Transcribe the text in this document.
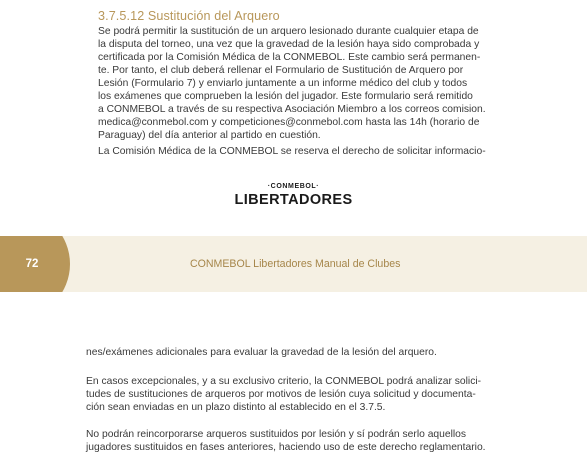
3.7.5.12 Sustitución del Arquero
Se podrá permitir la sustitución de un arquero lesionado durante cualquier etapa de
la disputa del torneo, una vez que la gravedad de la lesión haya sido comprobada y
certificada por la Comisión Médica de la CONMEBOL. Este cambio será permanen-
te. Por tanto, el club deberá rellenar el Formulario de Sustitución de Arquero por
Lesión (Formulario 7) y enviarlo juntamente a un informe médico del club y todos
los exámenes que comprueben la lesión del jugador. Este formulario será remitido
a CONMEBOL a través de su respectiva Asociación Miembro a los correos comision.
medica@conmebol.com y competiciones@conmebol.com hasta las 14h (horario de
Paraguay) del día anterior al partido en cuestión.
La Comisión Médica de la CONMEBOL se reserva el derecho de solicitar informacio-
·CONMEBOL·
LIBERTADORES
72	CONMEBOL Libertadores Manual de Clubes
nes/exámenes adicionales para evaluar la gravedad de la lesión del arquero.
En casos excepcionales, y a su exclusivo criterio, la CONMEBOL podrá analizar solici-
tudes de sustituciones de arqueros por motivos de lesión cuya solicitud y documenta-
ción sean enviadas en un plazo distinto al establecido en el 3.7.5.
No podrán reincorporarse arqueros sustituidos por lesión y sí podrán serlo aquellos
jugadores sustituidos en fases anteriores, haciendo uso de este derecho reglamentario.
